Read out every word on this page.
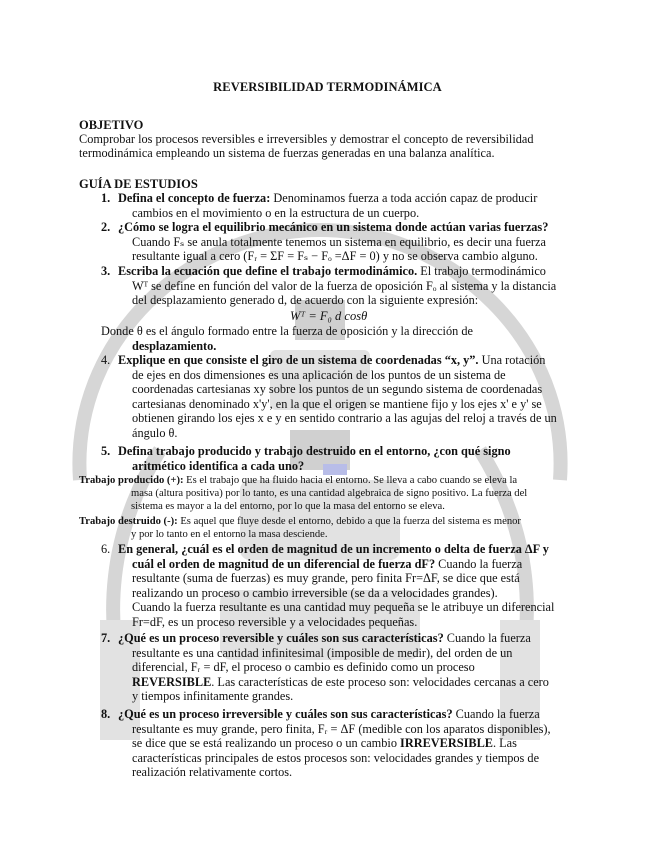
REVERSIBILIDAD TERMODINÁMICA
OBJETIVO
Comprobar los procesos reversibles e irreversibles y demostrar el concepto de reversibilidad
termodinámica empleando un sistema de fuerzas generadas en una balanza analítica.
GUÍA DE ESTUDIOS
1. Defina el concepto de fuerza: Denominamos fuerza a toda acción capaz de producir
cambios en el movimiento o en la estructura de un cuerpo.
2. ¿Cómo se logra el equilibrio mecánico en un sistema donde actúan varias fuerzas?
Cuando Fₛ se anula totalmente tenemos un sistema en equilibrio, es decir una fuerza
resultante igual a cero (Fᵣ = ΣF = Fₛ − Fₒ =ΔF = 0) y no se observa cambio alguno.
3. Escriba la ecuación que define el trabajo termodinámico. El trabajo termodinámico
Wᵀ se define en función del valor de la fuerza de oposición Fₒ al sistema y la distancia
del desplazamiento generado d, de acuerdo con la siguiente expresión:
Wᵀ = F₀ d cosθ
Donde θ es el ángulo formado entre la fuerza de oposición y la dirección de
desplazamiento.
4. Explique en que consiste el giro de un sistema de coordenadas “x, y”. Una rotación
de ejes en dos dimensiones es una aplicación de los puntos de un sistema de
coordenadas cartesianas xy sobre los puntos de un segundo sistema de coordenadas
cartesianas denominado x'y', en la que el origen se mantiene fijo y los ejes x' e y' se
obtienen girando los ejes x e y en sentido contrario a las agujas del reloj a través de un
ángulo θ.
5. Defina trabajo producido y trabajo destruido en el entorno, ¿con qué signo
aritmético identifica a cada uno?
Trabajo producido (+): Es el trabajo que ha fluido hacia el entorno. Se lleva a cabo cuando se eleva la
masa (altura positiva) por lo tanto, es una cantidad algebraica de signo positivo. La fuerza del
sistema es mayor a la del entorno, por lo que la masa del entorno se eleva.
Trabajo destruido (-): Es aquel que fluye desde el entorno, debido a que la fuerza del sistema es menor
y por lo tanto en el entorno la masa desciende.
6. En general, ¿cuál es el orden de magnitud de un incremento o delta de fuerza ΔF y
cuál el orden de magnitud de un diferencial de fuerza dF? Cuando la fuerza
resultante (suma de fuerzas) es muy grande, pero finita Fr=ΔF, se dice que está
realizando un proceso o cambio irreversible (se da a velocidades grandes).
Cuando la fuerza resultante es una cantidad muy pequeña se le atribuye un diferencial
Fr=dF, es un proceso reversible y a velocidades pequeñas.
7. ¿Qué es un proceso reversible y cuáles son sus características? Cuando la fuerza
resultante es una cantidad infinitesimal (imposible de medir), del orden de un
diferencial, Fᵣ = dF, el proceso o cambio es definido como un proceso
REVERSIBLE. Las características de este proceso son: velocidades cercanas a cero
y tiempos infinitamente grandes.
8. ¿Qué es un proceso irreversible y cuáles son sus características? Cuando la fuerza
resultante es muy grande, pero finita, Fᵣ = ΔF (medible con los aparatos disponibles),
se dice que se está realizando un proceso o un cambio IRREVERSIBLE. Las
características principales de estos procesos son: velocidades grandes y tiempos de
realización relativamente cortos.
